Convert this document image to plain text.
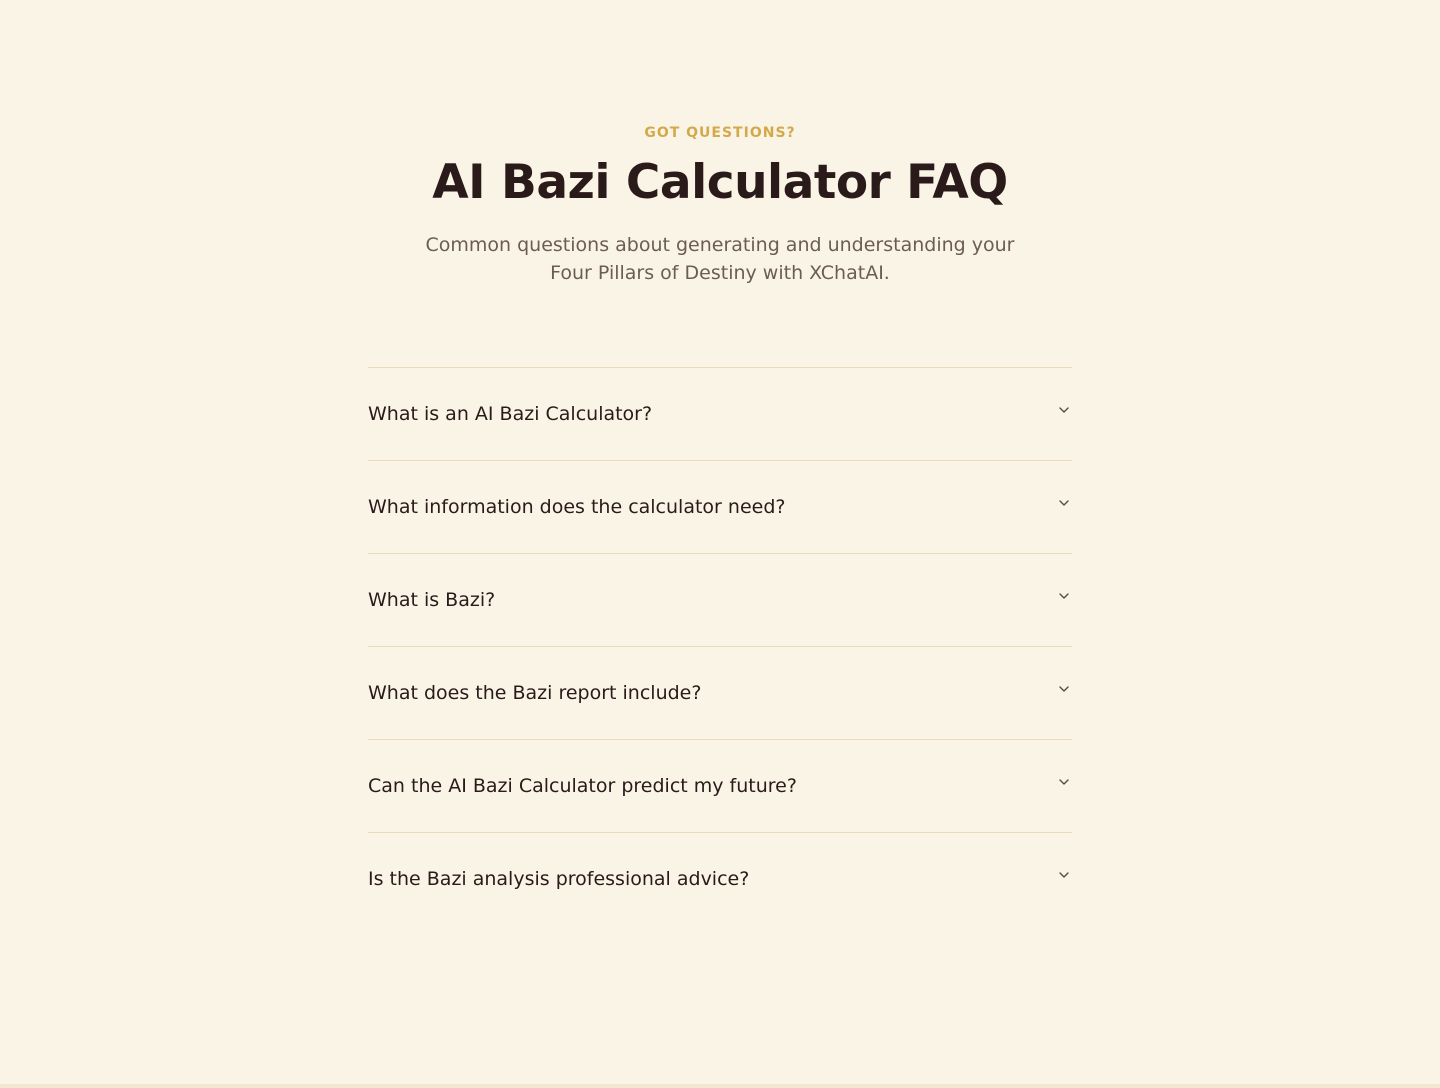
GOT QUESTIONS?
AI Bazi Calculator FAQ

Common questions about generating and understanding your Four Pillars of Destiny with XChatAI.

What is an AI Bazi Calculator?
What information does the calculator need?
What is Bazi?
What does the Bazi report include?
Can the AI Bazi Calculator predict my future?
Is the Bazi analysis professional advice?
